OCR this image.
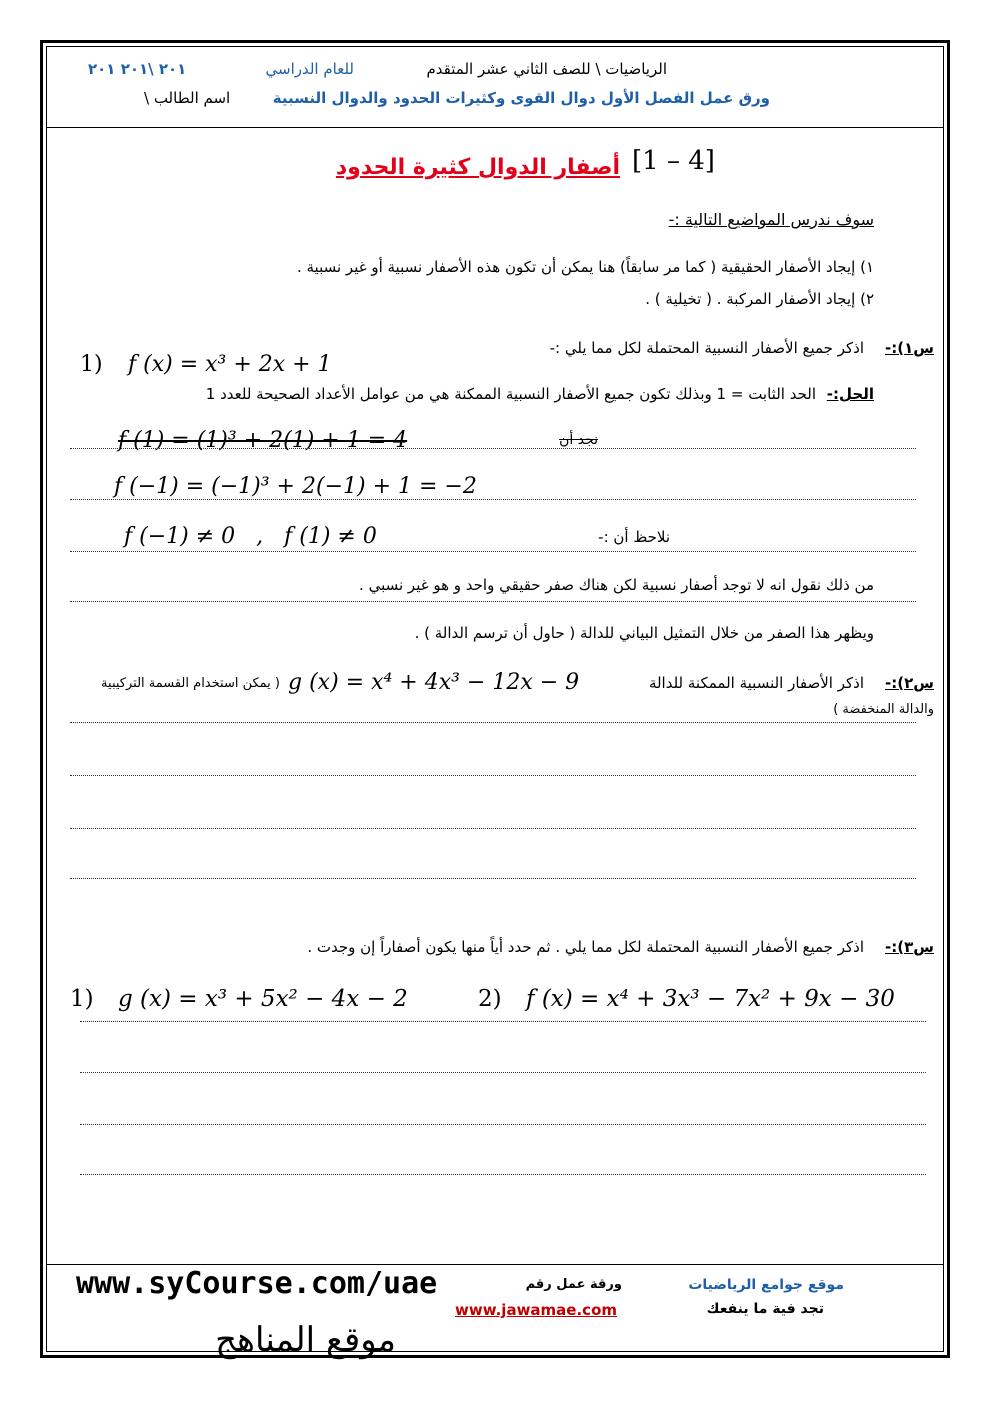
الرياضيات \ للصف الثاني عشر المتقدم
للعام الدراسي
٢٠١ \٢٠١ ٢٠١
ورق عمل الفصل الأول دوال القوى وكثيرات الحدود والدوال النسبية
اسم الطالب \
[1 – 4]
أصفار الدوال كثيرة الحدود
سوف ندرس المواضيع التالية :-
١) إيجاد الأصفار الحقيقية ( كما مر سابقاً) هنا يمكن أن تكون هذه الأصفار نسبية أو غير نسبية .
٢) إيجاد الأصفار المركبة . ( تخيلية ) .
س١):-
اذكر جميع الأصفار النسبية المحتملة لكل مما يلي :-
1) f (x) = x³ + 2x + 1
الحل:-
الحد الثابت = 1 وبذلك تكون جميع الأصفار النسبية الممكنة هي من عوامل الأعداد الصحيحة للعدد 1
f (1) = (1)³ + 2(1) + 1 = 4	نجد أن
f (−1) = (−1)³ + 2(−1) + 1 = −2
نلاحظ أن :-
f (−1) ≠ 0   ,   f (1) ≠ 0
من ذلك نقول انه لا توجد أصفار نسبية لكن هناك صفر حقيقي واحد و هو غير نسبي .
ويظهر هذا الصفر من خلال التمثيل البياني للدالة ( حاول أن ترسم الدالة ) .
س٢):-
اذكر الأصفار النسبية الممكنة للدالة
g (x) = x⁴ + 4x³ − 12x − 9
( يمكن استخدام القسمة التركيبية
والدالة المنخفضة )
س٣):-
اذكر جميع الأصفار النسبية المحتملة لكل مما يلي . ثم حدد أياً منها يكون أصفاراً إن وجدت .
1) g (x) = x³ + 5x² − 4x − 2	2) f (x) = x⁴ + 3x³ − 7x² + 9x − 30
موقع جوامع الرياضيات
تجد فية ما ينفعك
ورقة عمل رقم
www.jawamae.com
www.syCourse.com/uae
موقع المناهج
